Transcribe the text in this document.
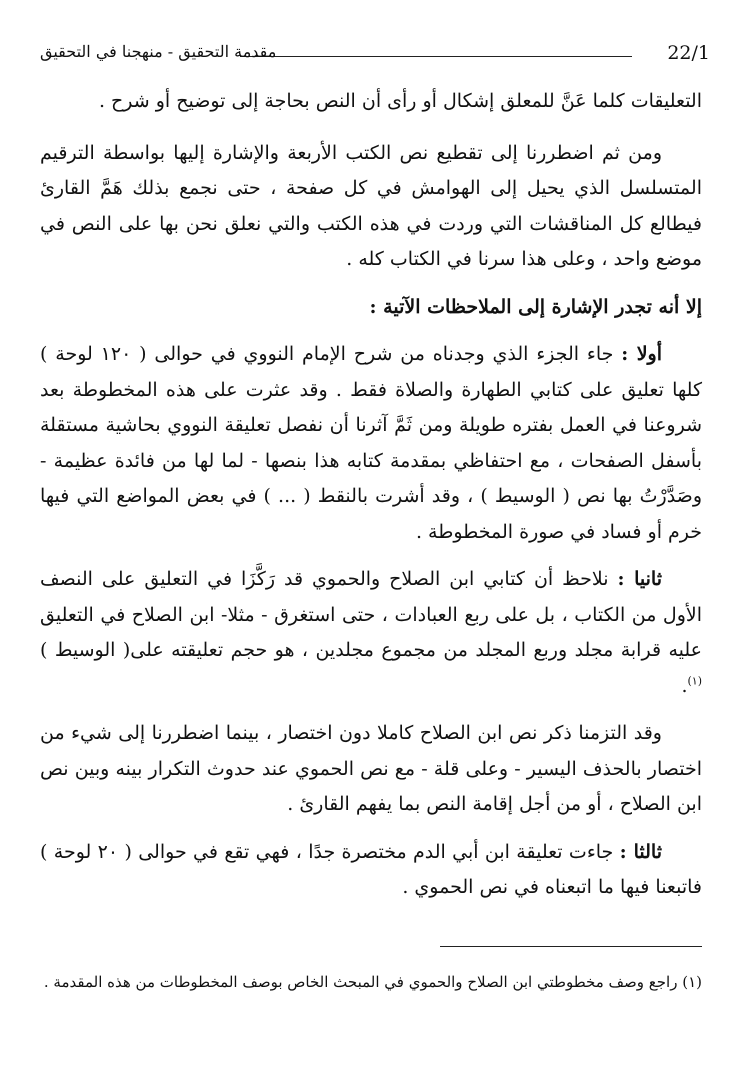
22/1
مقدمة التحقيق - منهجنا في التحقيق

التعليقات كلما عَنَّ للمعلق إشكال أو رأى أن النص بحاجة إلى توضيح أو شرح .

ومن ثم اضطررنا إلى تقطيع نص الكتب الأربعة والإشارة إليها بواسطة الترقيم المتسلسل الذي يحيل إلى الهوامش في كل صفحة ، حتى نجمع بذلك هَمَّ القارئ فيطالع كل المناقشات التي وردت في هذه الكتب والتي نعلق نحن بها على النص في موضع واحد ، وعلى هذا سرنا في الكتاب كله .

إلا أنه تجدر الإشارة إلى الملاحظات الآتية :

أولا : جاء الجزء الذي وجدناه من شرح الإمام النووي في حوالى ( ١٢٠ لوحة ) كلها تعليق على كتابي الطهارة والصلاة فقط . وقد عثرت على هذه المخطوطة بعد شروعنا في العمل بفتره طويلة ومن ثَمَّ آثرنا أن نفصل تعليقة النووي بحاشية مستقلة بأسفل الصفحات ، مع احتفاظي بمقدمة كتابه هذا بنصها - لما لها من فائدة عظيمة - وصَدَّرْتُ بها نص ( الوسيط ) ، وقد أشرت بالنقط ( ... ) في بعض المواضع التي فيها خرم أو فساد في صورة المخطوطة .

ثانيا : نلاحظ أن كتابي ابن الصلاح والحموي قد رَكَّزَا في التعليق على النصف الأول من الكتاب ، بل على ربع العبادات ، حتى استغرق - مثلا- ابن الصلاح في التعليق عليه قرابة مجلد وربع المجلد من مجموع مجلدين ، هو حجم تعليقته على( الوسيط )$^{(١)}$.

وقد التزمنا ذكر نص ابن الصلاح كاملا دون اختصار ، بينما اضطررنا إلى شيء من اختصار بالحذف اليسير - وعلى قلة - مع نص الحموي عند حدوث التكرار بينه وبين نص ابن الصلاح ، أو من أجل إقامة النص بما يفهم القارئ .

ثالثا : جاءت تعليقة ابن أبي الدم مختصرة جدًا ، فهي تقع في حوالى ( ٢٠ لوحة ) فاتبعنا فيها ما اتبعناه في نص الحموي .

(١) راجع وصف مخطوطتي ابن الصلاح والحموي في المبحث الخاص بوصف المخطوطات من هذه المقدمة .
